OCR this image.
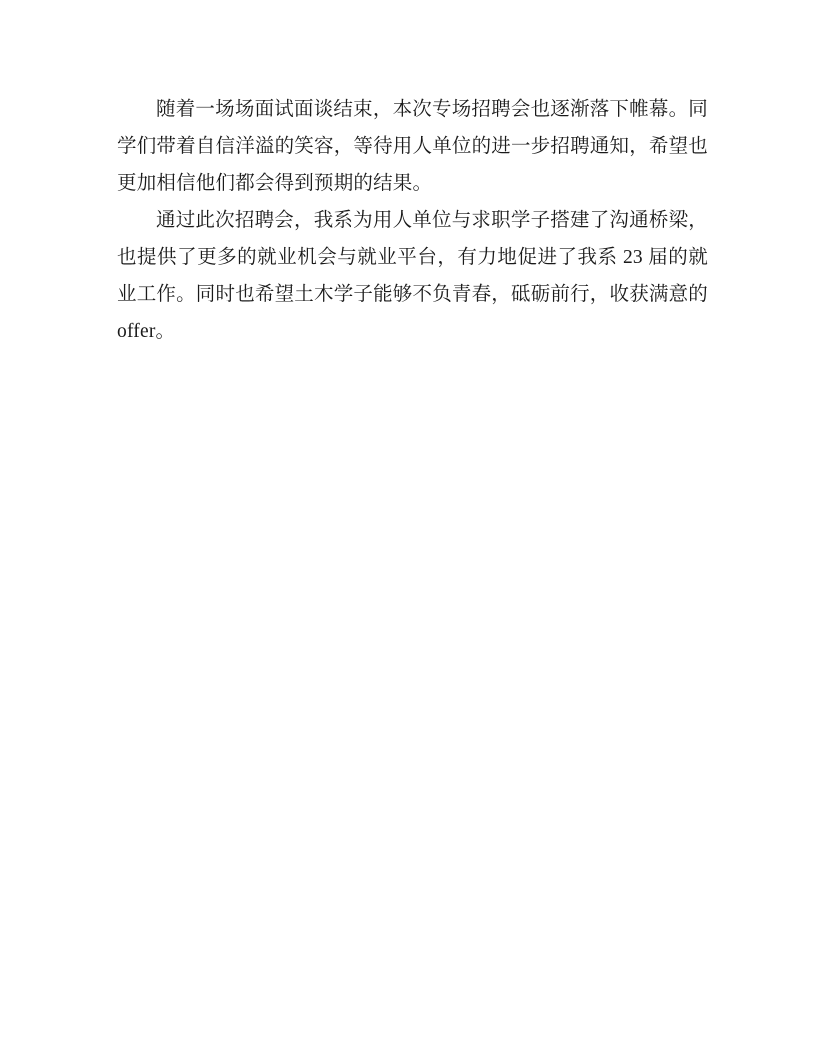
随着一场场面试面谈结束，本次专场招聘会也逐渐落下帷幕。同学们带着自信洋溢的笑容，等待用人单位的进一步招聘通知，希望也更加相信他们都会得到预期的结果。

通过此次招聘会，我系为用人单位与求职学子搭建了沟通桥梁，也提供了更多的就业机会与就业平台，有力地促进了我系 23 届的就业工作。同时也希望土木学子能够不负青春，砥砺前行，收获满意的 offer。
